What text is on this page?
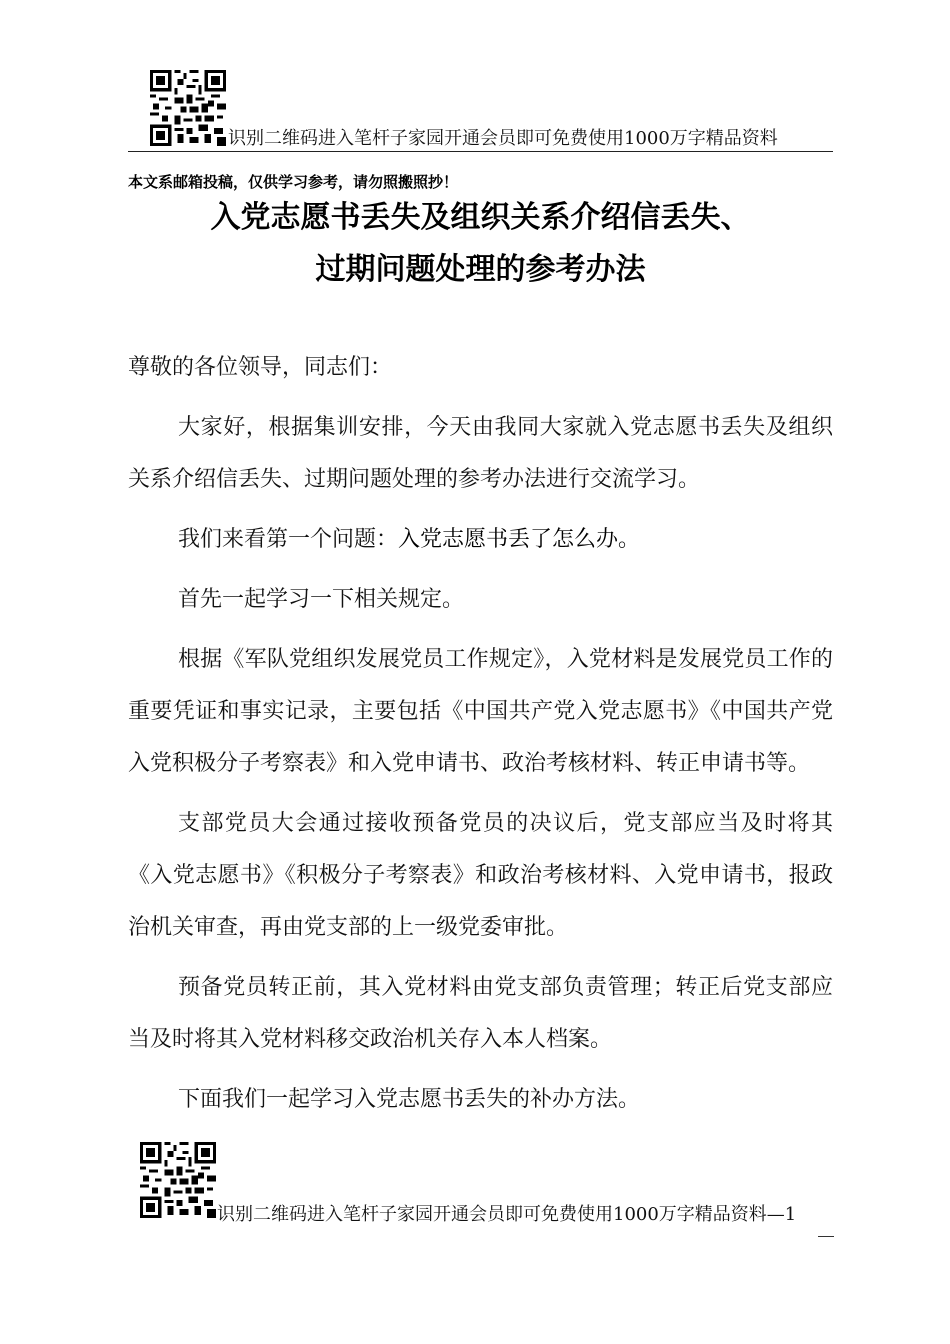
识别二维码进入笔杆子家园开通会员即可免费使用1000万字精品资料
本文系邮箱投稿，仅供学习参考，请勿照搬照抄！
入党志愿书丢失及组织关系介绍信丢失、
过期问题处理的参考办法

尊敬的各位领导，同志们：

大家好，根据集训安排，今天由我同大家就入党志愿书丢失及组织关系介绍信丢失、过期问题处理的参考办法进行交流学习。

我们来看第一个问题：入党志愿书丢了怎么办。

首先一起学习一下相关规定。

根据《军队党组织发展党员工作规定》，入党材料是发展党员工作的重要凭证和事实记录，主要包括《中国共产党入党志愿书》《中国共产党入党积极分子考察表》和入党申请书、政治考核材料、转正申请书等。

支部党员大会通过接收预备党员的决议后，党支部应当及时将其《入党志愿书》《积极分子考察表》和政治考核材料、入党申请书，报政治机关审查，再由党支部的上一级党委审批。

预备党员转正前，其入党材料由党支部负责管理；转正后党支部应当及时将其入党材料移交政治机关存入本人档案。

下面我们一起学习入党志愿书丢失的补办方法。

识别二维码进入笔杆子家园开通会员即可免费使用1000万字精品资料—1
